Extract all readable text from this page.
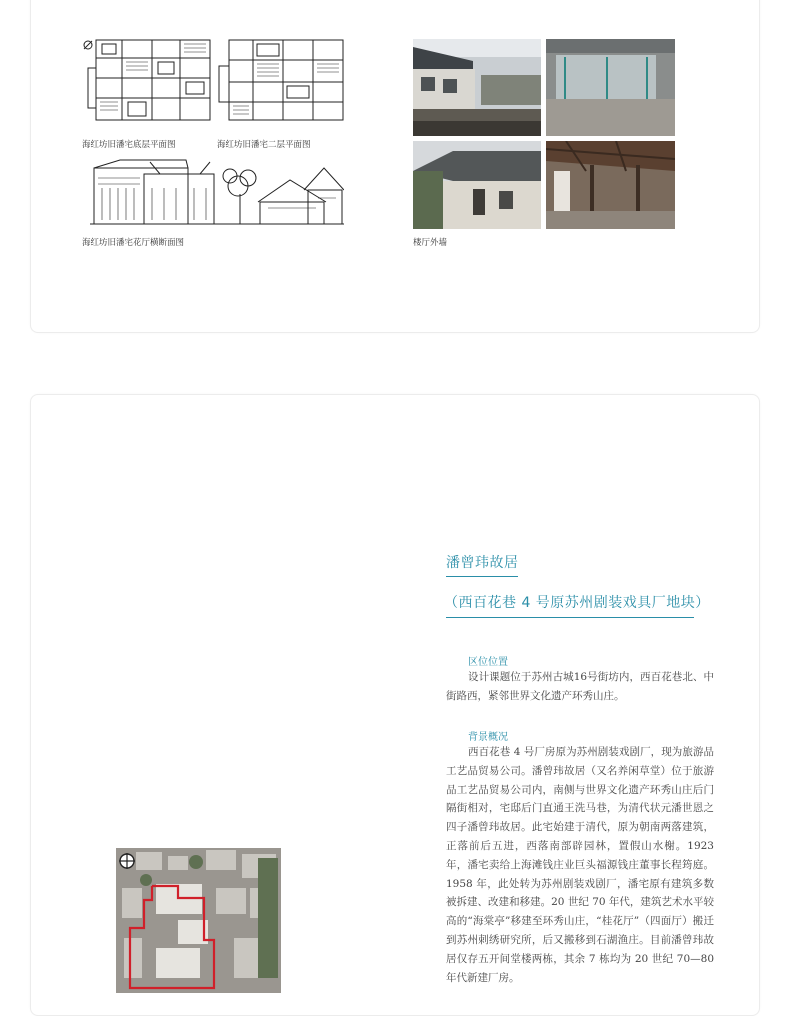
海红坊旧潘宅底层平面图	海红坊旧潘宅二层平面图
海红坊旧潘宅花厅横断面图	楼厅外墙
潘曾玮故居
（西百花巷 4 号原苏州剧装戏具厂地块）
区位位置

设计课题位于苏州古城16号街坊内，西百花巷北、中街路西，紧邻世界文化遗产环秀山庄。

背景概况

西百花巷 4 号厂房原为苏州剧装戏剧厂，现为旅游品工艺品贸易公司。潘曾玮故居（又名养闲草堂）位于旅游品工艺品贸易公司内，南侧与世界文化遗产环秀山庄后门隔街相对，宅邸后门直通王洗马巷，为清代状元潘世恩之四子潘曾玮故居。此宅始建于清代，原为朝南两落建筑，正落前后五进，西落南部辟园林，置假山水榭。1923 年，潘宅卖给上海滩钱庄业巨头福源钱庄董事长程筠庭。1958 年，此处转为苏州剧装戏剧厂，潘宅原有建筑多数被拆建、改建和移建。20 世纪 70 年代，建筑艺术水平较高的“海棠亭”移建至环秀山庄，“桂花厅”（四面厅）搬迁到苏州刺绣研究所，后又搬移到石湖渔庄。目前潘曾玮故居仅存五开间堂楼两栋，其余 7 栋均为 20 世纪 70—80 年代新建厂房。
